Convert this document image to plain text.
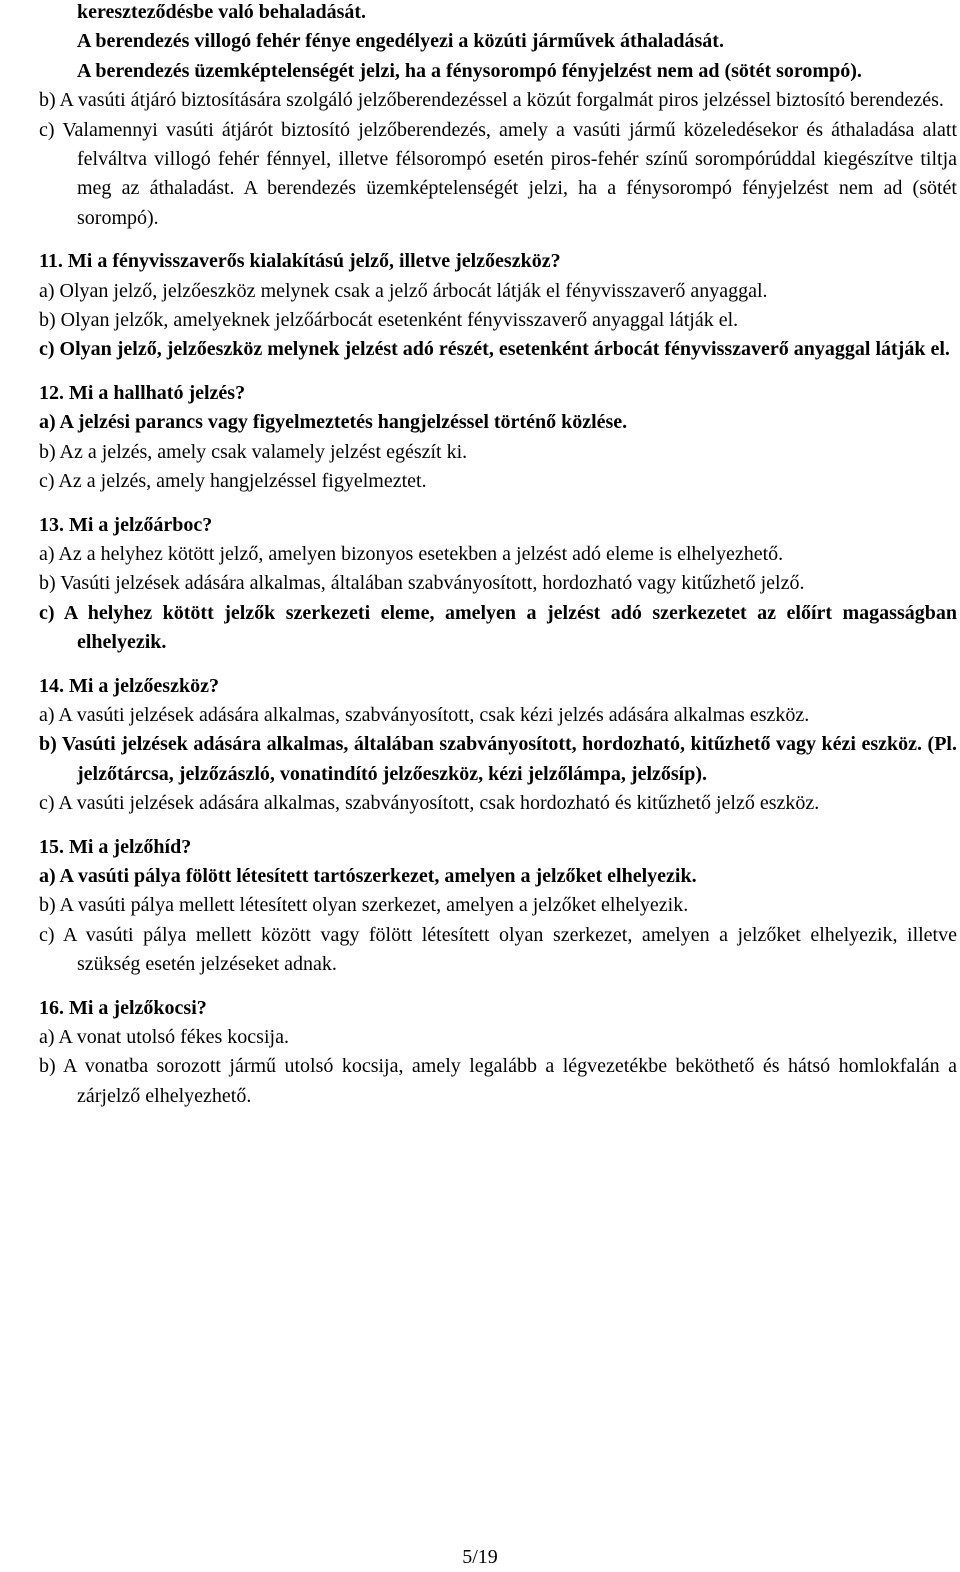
kereszteződésbe való behaladását.

A berendezés villogó fehér fénye engedélyezi a közúti járművek áthaladását.

A berendezés üzemképtelenségét jelzi, ha a fénysorompó fényjelzést nem ad (sötét sorompó).

b) A vasúti átjáró biztosítására szolgáló jelzőberendezéssel a közút forgalmát piros jelzéssel biztosító berendezés.

c) Valamennyi vasúti átjárót biztosító jelzőberendezés, amely a vasúti jármű közeledésekor és áthaladása alatt felváltva villogó fehér fénnyel, illetve félsorompó esetén piros-fehér színű sorompórúddal kiegészítve tiltja meg az áthaladást. A berendezés üzemképtelenségét jelzi, ha a fénysorompó fényjelzést nem ad (sötét sorompó).

11. Mi a fényvisszaverős kialakítású jelző, illetve jelzőeszköz?

a) Olyan jelző, jelzőeszköz melynek csak a jelző árbocát látják el fényvisszaverő anyaggal.

b) Olyan jelzők, amelyeknek jelzőárbocát esetenként fényvisszaverő anyaggal látják el.

c) Olyan jelző, jelzőeszköz melynek jelzést adó részét, esetenként árbocát fényvisszaverő anyaggal látják el.

12. Mi a hallható jelzés?

a) A jelzési parancs vagy figyelmeztetés hangjelzéssel történő közlése.

b) Az a jelzés, amely csak valamely jelzést egészít ki.

c) Az a jelzés, amely hangjelzéssel figyelmeztet.

13. Mi a jelzőárboc?

a) Az a helyhez kötött jelző, amelyen bizonyos esetekben a jelzést adó eleme is elhelyezhető.

b) Vasúti jelzések adására alkalmas, általában szabványosított, hordozható vagy kitűzhető jelző.

c) A helyhez kötött jelzők szerkezeti eleme, amelyen a jelzést adó szerkezetet az előírt magasságban elhelyezik.

14. Mi a jelzőeszköz?

a) A vasúti jelzések adására alkalmas, szabványosított, csak kézi jelzés adására alkalmas eszköz.

b) Vasúti jelzések adására alkalmas, általában szabványosított, hordozható, kitűzhető vagy kézi eszköz. (Pl. jelzőtárcsa, jelzőzászló, vonatindító jelzőeszköz, kézi jelzőlámpa, jelzősíp).

c) A vasúti jelzések adására alkalmas, szabványosított, csak hordozható és kitűzhető jelző eszköz.

15. Mi a jelzőhíd?

a) A vasúti pálya fölött létesített tartószerkezet, amelyen a jelzőket elhelyezik.

b) A vasúti pálya mellett létesített olyan szerkezet, amelyen a jelzőket elhelyezik.

c) A vasúti pálya mellett között vagy fölött létesített olyan szerkezet, amelyen a jelzőket elhelyezik, illetve szükség esetén jelzéseket adnak.

16. Mi a jelzőkocsi?

a) A vonat utolsó fékes kocsija.

b) A vonatba sorozott jármű utolsó kocsija, amely legalább a légvezetékbe beköthető és hátsó homlokfalán a zárjelző elhelyezhető.

5/19
